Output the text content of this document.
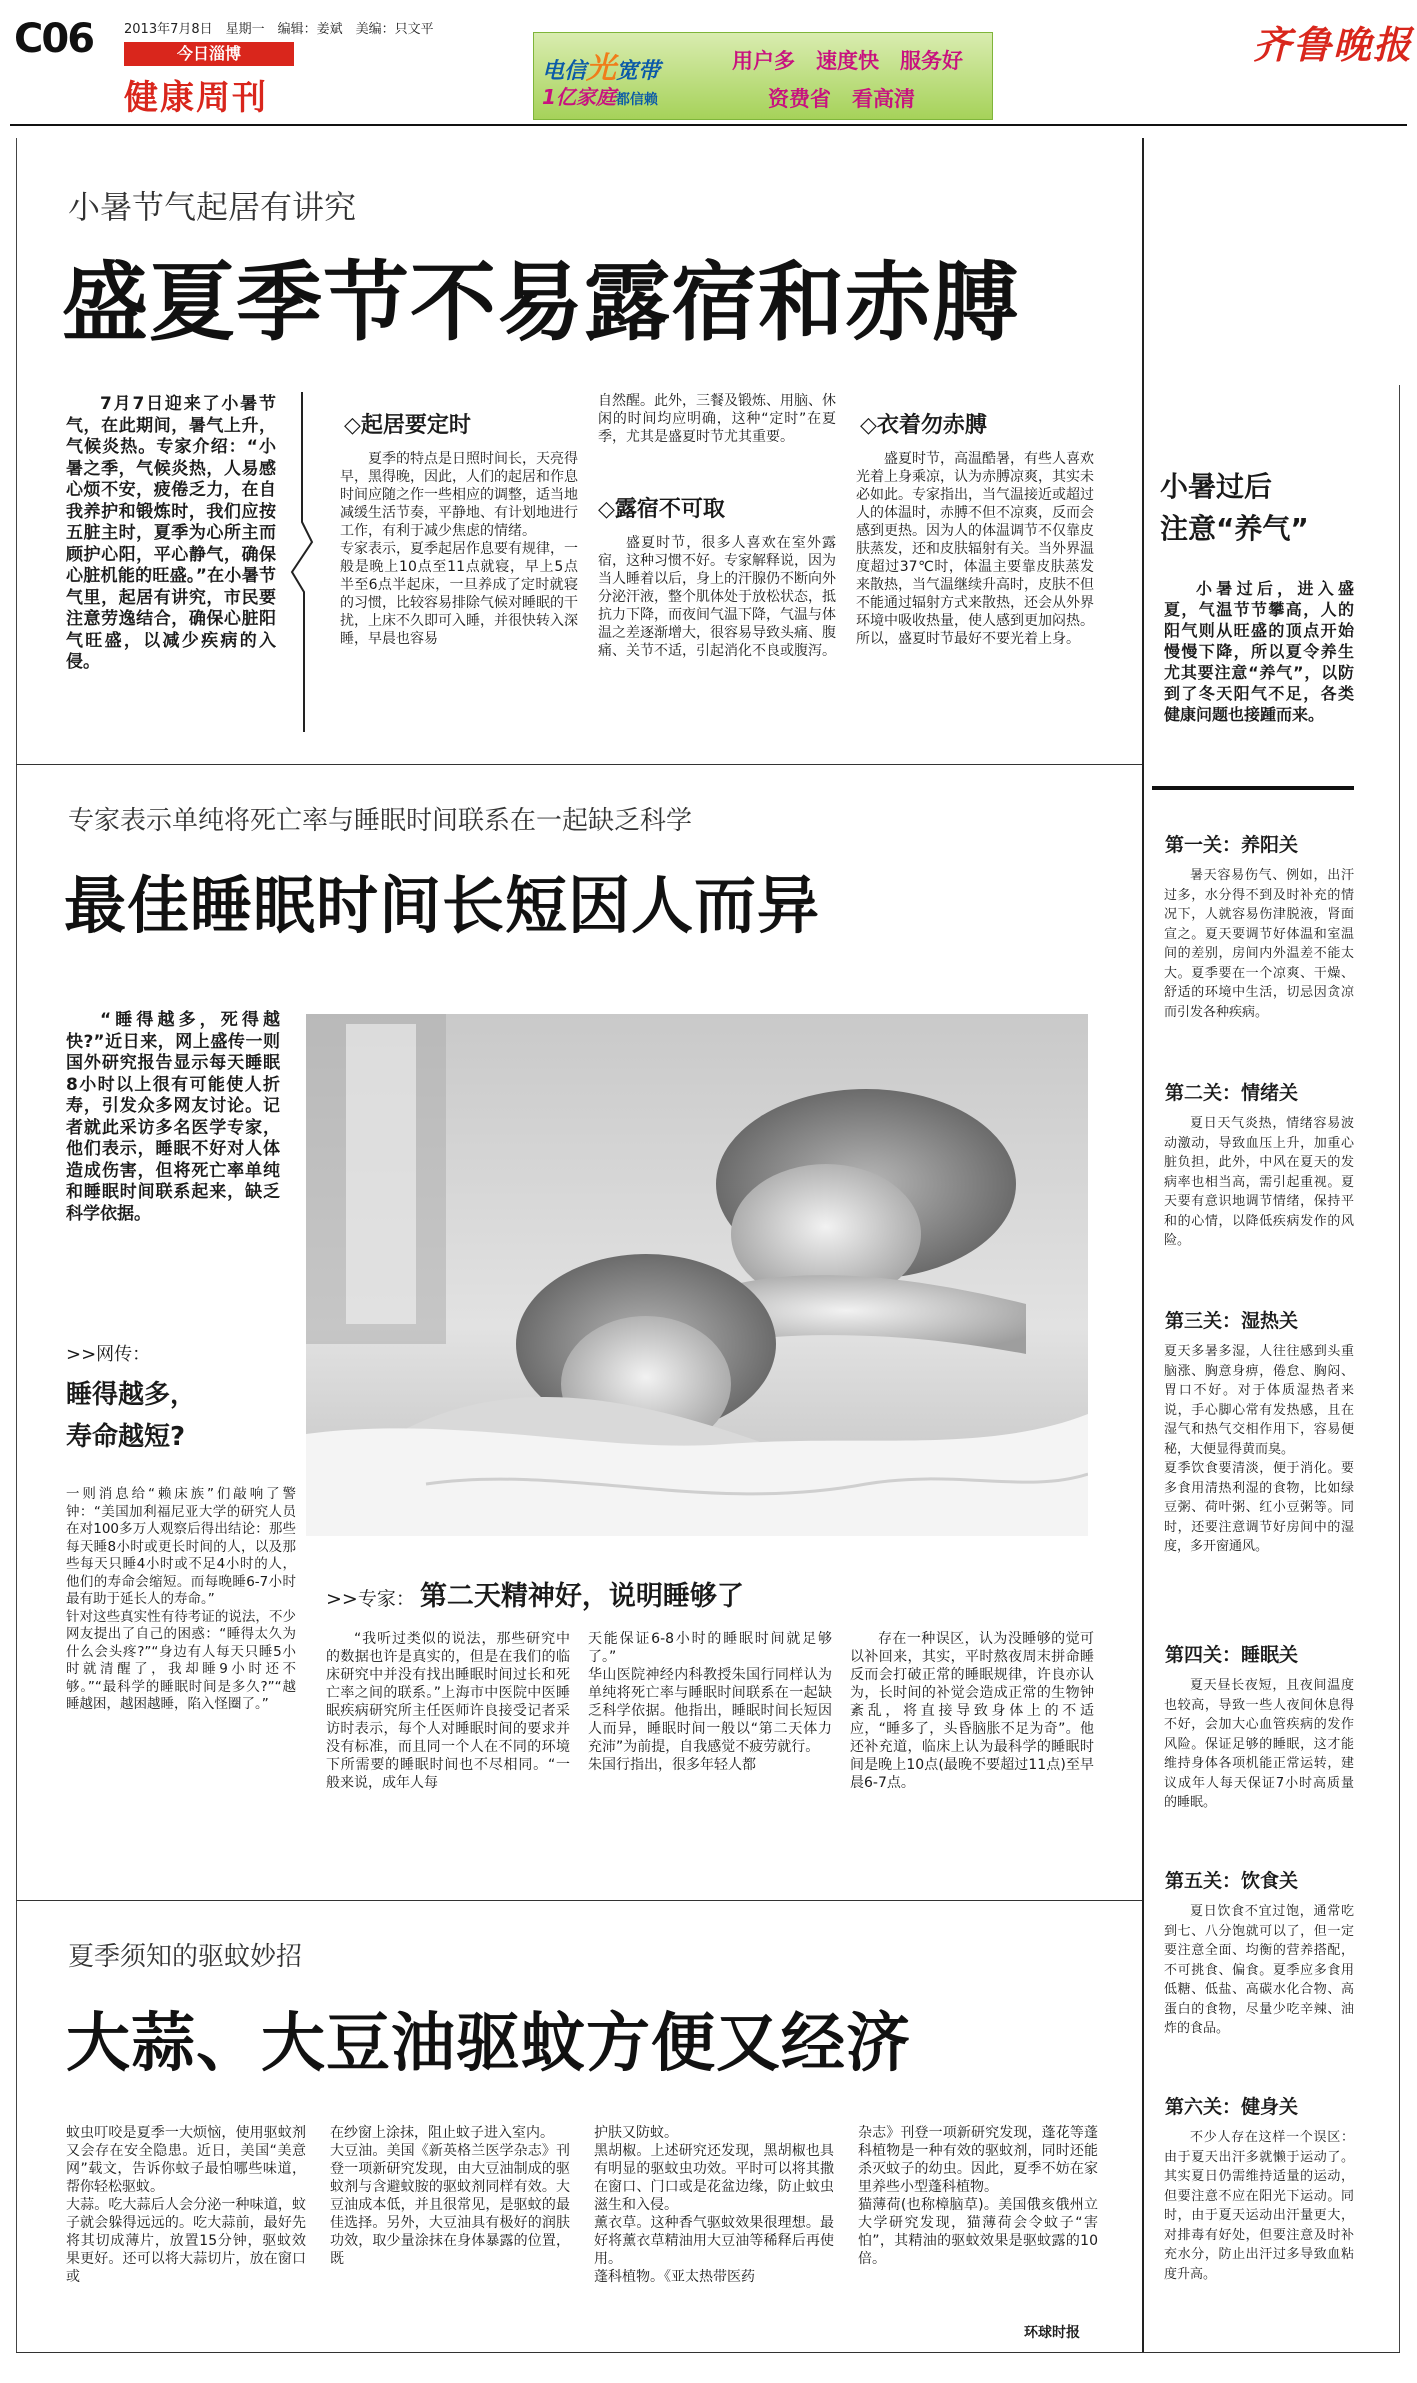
C06 2013年7月8日　星期一　编辑：姜斌　美编：只文平
今日淄博
健康周刊
电信光宽带
1亿家庭都信赖
用户多　速度快　服务好
资费省　看高清
齐鲁晚报
小暑节气起居有讲究
盛夏季节不易露宿和赤膊

7月7日迎来了小暑节气，在此期间，暑气上升，气候炎热。专家介绍：“小暑之季，气候炎热，人易感心烦不安，疲倦乏力，在自我养护和锻炼时，我们应按五脏主时，夏季为心所主而顾护心阳，平心静气，确保心脏机能的旺盛。”在小暑节气里，起居有讲究，市民要注意劳逸结合，确保心脏阳气旺盛，以减少疾病的入侵。

◇起居要定时
夏季的特点是日照时间长，天亮得早，黑得晚，因此，人们的起居和作息时间应随之作一些相应的调整，适当地减缓生活节奏，平静地、有计划地进行工作，有利于减少焦虑的情绪。
专家表示，夏季起居作息要有规律，一般是晚上10点至11点就寝，早上5点半至6点半起床，一旦养成了定时就寝的习惯，比较容易排除气候对睡眠的干扰，上床不久即可入睡，并很快转入深睡，早晨也容易
自然醒。此外，三餐及锻炼、用脑、休闲的时间均应明确，这种“定时”在夏季，尤其是盛夏时节尤其重要。
◇露宿不可取
盛夏时节，很多人喜欢在室外露宿，这种习惯不好。专家解释说，因为当人睡着以后，身上的汗腺仍不断向外分泌汗液，整个肌体处于放松状态，抵抗力下降，而夜间气温下降，气温与体温之差逐渐增大，很容易导致头痛、腹痛、关节不适，引起消化不良或腹泻。
◇衣着勿赤膊
盛夏时节，高温酷暑，有些人喜欢光着上身乘凉，认为赤膊凉爽，其实未必如此。专家指出，当气温接近或超过人的体温时，赤膊不但不凉爽，反而会感到更热。因为人的体温调节不仅靠皮肤蒸发，还和皮肤辐射有关。当外界温度超过37℃时，体温主要靠皮肤蒸发来散热，当气温继续升高时，皮肤不但不能通过辐射方式来散热，还会从外界环境中吸收热量，使人感到更加闷热。所以，盛夏时节最好不要光着上身。
小暑过后
注意“养气”

小暑过后，进入盛夏，气温节节攀高，人的阳气则从旺盛的顶点开始慢慢下降，所以夏令养生尤其要注意“养气”，以防到了冬天阳气不足，各类健康问题也接踵而来。

第一关：养阳关
暑天容易伤气、例如，出汗过多，水分得不到及时补充的情况下，人就容易伤津脱液，肾面宣之。夏天要调节好体温和室温间的差别，房间内外温差不能太大。夏季要在一个凉爽、干燥、舒适的环境中生活，切忌因贪凉而引发各种疾病。
第二关：情绪关
夏日天气炎热，情绪容易波动激动，导致血压上升，加重心脏负担，此外，中风在夏天的发病率也相当高，需引起重视。夏天要有意识地调节情绪，保持平和的心情，以降低疾病发作的风险。
第三关：湿热关
夏天多暑多湿，人往往感到头重脑涨、胸意身痹，倦怠、胸闷、胃口不好。对于体质湿热者来说，手心脚心常有发热感，且在湿气和热气交相作用下，容易便秘，大便显得黄而臭。
夏季饮食要清淡，便于消化。要多食用清热利湿的食物，比如绿豆粥、荷叶粥、红小豆粥等。同时，还要注意调节好房间中的湿度，多开窗通风。
第四关：睡眠关
夏天昼长夜短，且夜间温度也较高，导致一些人夜间休息得不好，会加大心血管疾病的发作风险。保证足够的睡眠，这才能维持身体各项机能正常运转，建议成年人每天保证7小时高质量的睡眠。
第五关：饮食关
夏日饮食不宜过饱，通常吃到七、八分饱就可以了，但一定要注意全面、均衡的营养搭配，不可挑食、偏食。夏季应多食用低糖、低盐、高碳水化合物、高蛋白的食物，尽量少吃辛辣、油炸的食品。
第六关：健身关
不少人存在这样一个误区：由于夏天出汗多就懒于运动了。其实夏日仍需维持适量的运动，但要注意不应在阳光下运动。同时，由于夏天运动出汗量更大，对排毒有好处，但要注意及时补充水分，防止出汗过多导致血粘度升高。
专家表示单纯将死亡率与睡眠时间联系在一起缺乏科学
最佳睡眠时间长短因人而异

“睡得越多，死得越快?”近日来，网上盛传一则国外研究报告显示每天睡眠8小时以上很有可能使人折寿，引发众多网友讨论。记者就此采访多名医学专家，他们表示，睡眠不好对人体造成伤害，但将死亡率单纯和睡眠时间联系起来，缺乏科学依据。

>>网传：
睡得越多，
寿命越短?
一则消息给“赖床族”们敲响了警钟：“美国加利福尼亚大学的研究人员在对100多万人观察后得出结论：那些每天睡8小时或更长时间的人，以及那些每天只睡4小时或不足4小时的人，他们的寿命会缩短。而每晚睡6-7小时最有助于延长人的寿命。”
针对这些真实性有待考证的说法，不少网友提出了自己的困惑：“睡得太久为什么会头疼?”“身边有人每天只睡5小时就清醒了，我却睡9小时还不够。”“最科学的睡眠时间是多久?”“越睡越困，越困越睡，陷入怪圈了。”
>>专家： 第二天精神好，说明睡够了
“我听过类似的说法，那些研究中的数据也许是真实的，但是在我们的临床研究中并没有找出睡眠时间过长和死亡率之间的联系。”上海市中医院中医睡眠疾病研究所主任医师许良接受记者采访时表示，每个人对睡眠时间的要求并没有标准，而且同一个人在不同的环境下所需要的睡眠时间也不尽相同。“一般来说，成年人每
天能保证6-8小时的睡眠时间就足够了。”
华山医院神经内科教授朱国行同样认为单纯将死亡率与睡眠时间联系在一起缺乏科学依据。他指出，睡眠时间长短因人而异，睡眠时间一般以“第二天体力充沛”为前提，自我感觉不疲劳就行。
朱国行指出，很多年轻人都
存在一种误区，认为没睡够的觉可以补回来，其实，平时熬夜周末拼命睡反而会打破正常的睡眠规律，许良亦认为，长时间的补觉会造成正常的生物钟紊乱，将直接导致身体上的不适应，“睡多了，头昏脑胀不足为奇”。他还补充道，临床上认为最科学的睡眠时间是晚上10点(最晚不要超过11点)至早晨6-7点。
夏季须知的驱蚊妙招
大蒜、大豆油驱蚊方便又经济
蚊虫叮咬是夏季一大烦恼，使用驱蚊剂又会存在安全隐患。近日，美国“美意网”载文，告诉你蚊子最怕哪些味道，帮你轻松驱蚊。
大蒜。吃大蒜后人会分泌一种味道，蚊子就会躲得远远的。吃大蒜前，最好先将其切成薄片，放置15分钟，驱蚊效果更好。还可以将大蒜切片，放在窗口或
在纱窗上涂抹，阻止蚊子进入室内。
大豆油。美国《新英格兰医学杂志》刊登一项新研究发现，由大豆油制成的驱蚊剂与含避蚊胺的驱蚊剂同样有效。大豆油成本低，并且很常见，是驱蚊的最佳选择。另外，大豆油具有极好的润肤功效，取少量涂抹在身体暴露的位置，既
护肤又防蚊。
黑胡椒。上述研究还发现，黑胡椒也具有明显的驱蚊虫功效。平时可以将其撒在窗口、门口或是花盆边缘，防止蚊虫滋生和入侵。
薰衣草。这种香气驱蚊效果很理想。最好将薰衣草精油用大豆油等稀释后再使用。
蓬科植物。《亚太热带医药
杂志》刊登一项新研究发现，蓬花等蓬科植物是一种有效的驱蚊剂，同时还能杀灭蚊子的幼虫。因此，夏季不妨在家里养些小型蓬科植物。
猫薄荷(也称樟脑草)。美国俄亥俄州立大学研究发现，猫薄荷会令蚊子“害怕”，其精油的驱蚊效果是驱蚊露的10倍。
环球时报
